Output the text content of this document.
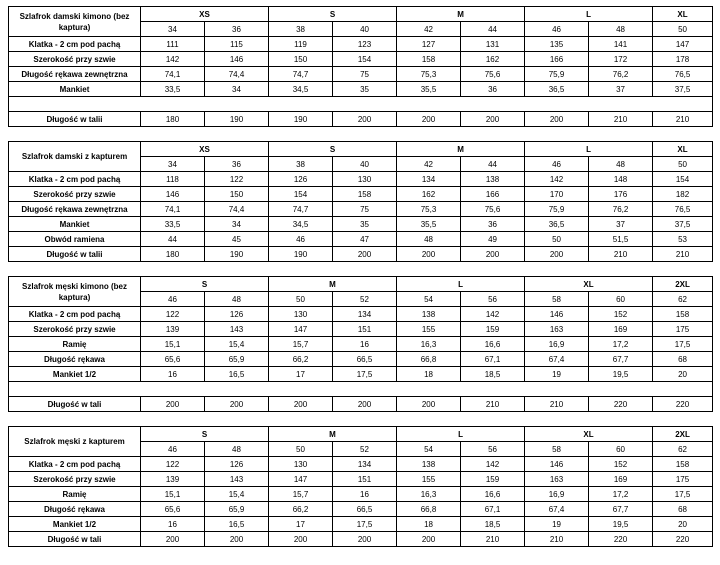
Szlafrok damski kimono (bez kaptura)	XS		S		M		L		XL
	34	36	38	40	42	44	46	48	50
Klatka - 2 cm pod pachą	111	115	119	123	127	131	135	141	147
Szerokość przy szwie	142	146	150	154	158	162	166	172	178
Długość rękawa zewnętrzna	74,1	74,4	74,7	75	75,3	75,6	75,9	76,2	76,5
Mankiet	33,5	34	34,5	35	35,5	36	36,5	37	37,5

Długość w talii	180	190	190	200	200	200	200	210	210
Szlafrok damski z kapturem	XS		S		M		L		XL
	34	36	38	40	42	44	46	48	50
Klatka - 2 cm pod pachą	118	122	126	130	134	138	142	148	154
Szerokość przy szwie	146	150	154	158	162	166	170	176	182
Długość rękawa zewnętrzna	74,1	74,4	74,7	75	75,3	75,6	75,9	76,2	76,5
Mankiet	33,5	34	34,5	35	35,5	36	36,5	37	37,5
Obwód ramiena	44	45	46	47	48	49	50	51,5	53
Długość w talii	180	190	190	200	200	200	200	210	210
Szlafrok męski kimono (bez kaptura)	S		M		L		XL		2XL
	46	48	50	52	54	56	58	60	62
Klatka - 2 cm pod pachą	122	126	130	134	138	142	146	152	158
Szerokość przy szwie	139	143	147	151	155	159	163	169	175
Ramię	15,1	15,4	15,7	16	16,3	16,6	16,9	17,2	17,5
Długość rękawa	65,6	65,9	66,2	66,5	66,8	67,1	67,4	67,7	68
Mankiet 1/2	16	16,5	17	17,5	18	18,5	19	19,5	20

Długość w tali	200	200	200	200	200	210	210	220	220
Szlafrok męski z kapturem	S		M		L		XL		2XL
	46	48	50	52	54	56	58	60	62
Klatka - 2 cm pod pachą	122	126	130	134	138	142	146	152	158
Szerokość przy szwie	139	143	147	151	155	159	163	169	175
Ramię	15,1	15,4	15,7	16	16,3	16,6	16,9	17,2	17,5
Długość rękawa	65,6	65,9	66,2	66,5	66,8	67,1	67,4	67,7	68
Mankiet 1/2	16	16,5	17	17,5	18	18,5	19	19,5	20
Długość w tali	200	200	200	200	200	210	210	220	220
